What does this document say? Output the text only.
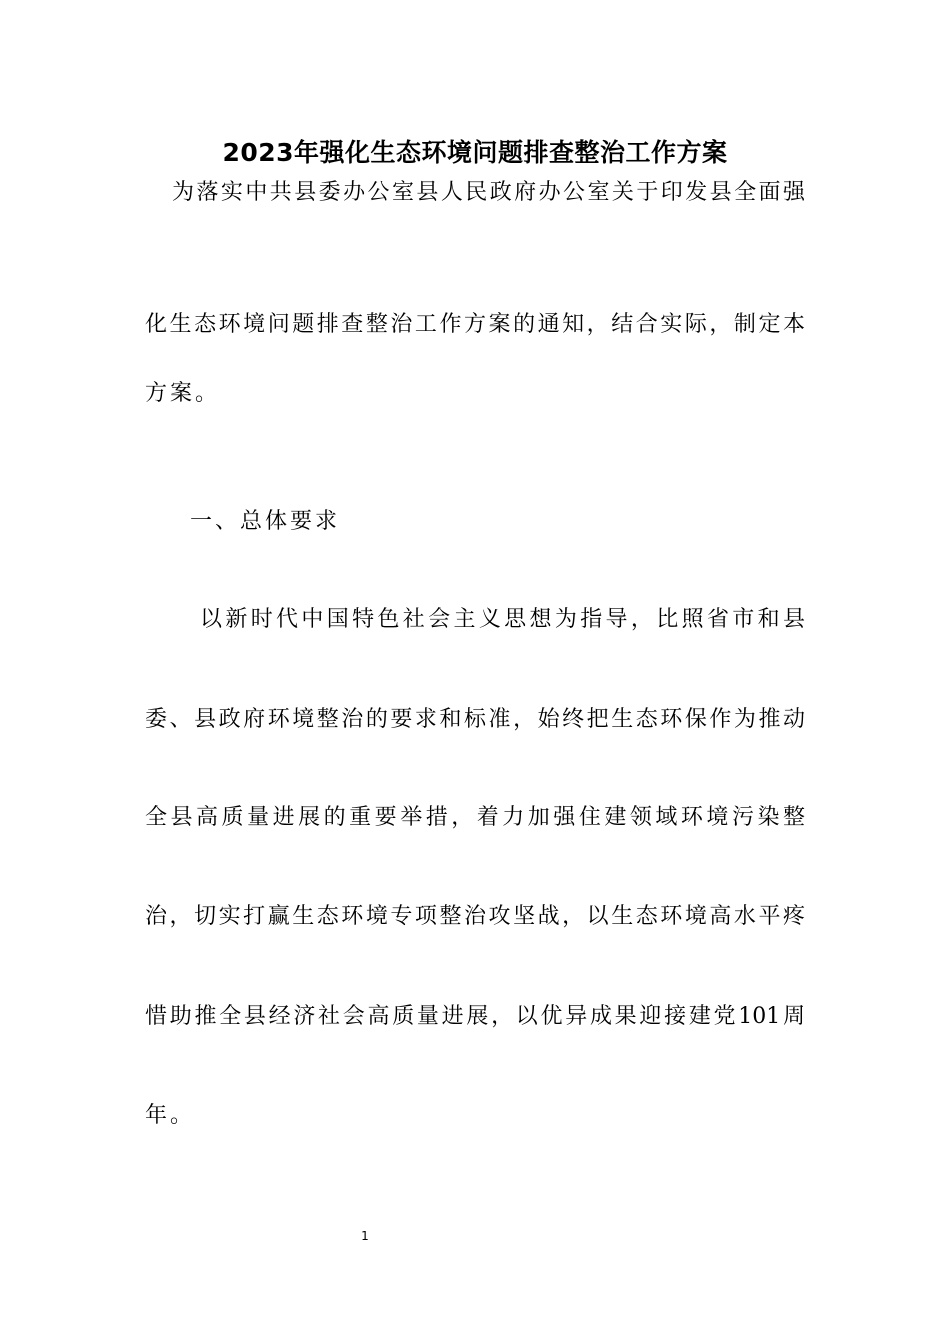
2023年强化生态环境问题排查整治工作方案
为落实中共县委办公室县人民政府办公室关于印发县全面强
化生态环境问题排查整治工作方案的通知，结合实际，制定本
方案。
一、总体要求
以新时代中国特色社会主义思想为指导，比照省市和县
委、县政府环境整治的要求和标准，始终把生态环保作为推动
全县高质量进展的重要举措，着力加强住建领域环境污染整
治，切实打赢生态环境专项整治攻坚战，以生态环境高水平疼
惜助推全县经济社会高质量进展，以优异成果迎接建党101周
年。
1
